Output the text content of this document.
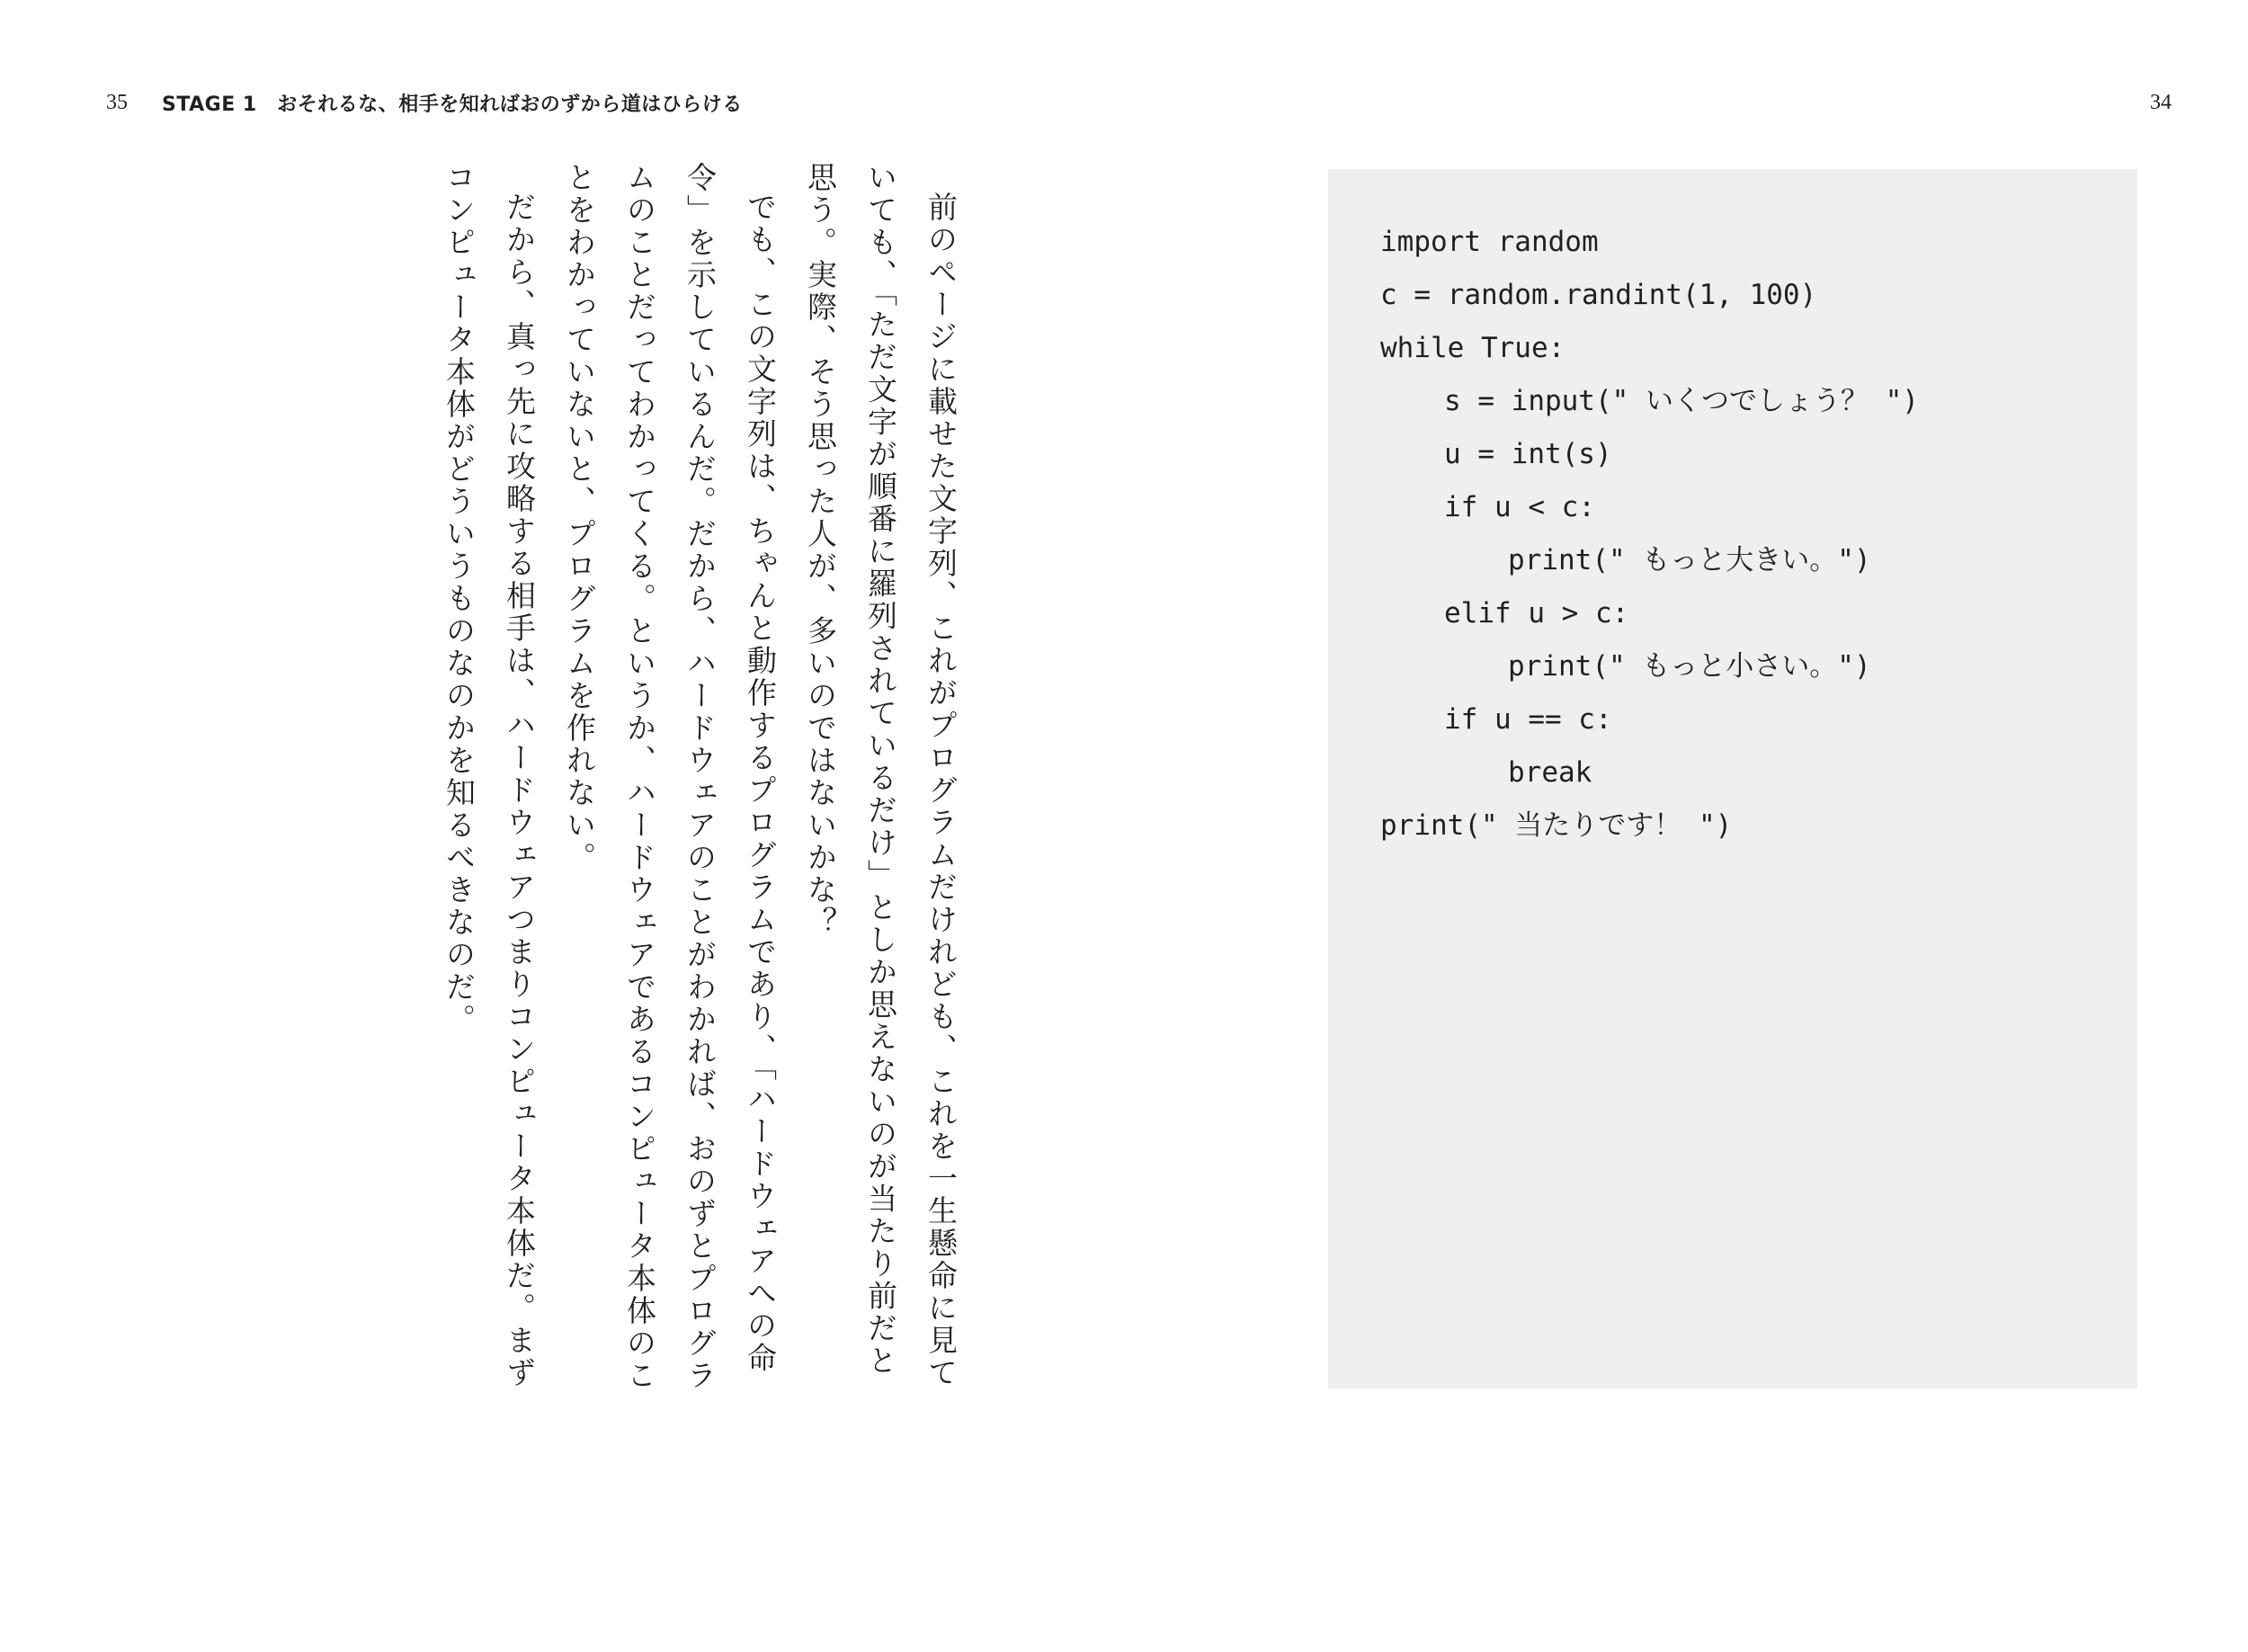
35 STAGE 1　おそれるな、相手を知ればおのずから道はひらける	34

前のページに載せた文字列、これがプログラムだけれども、これを一生懸命に見ていても、「ただ文字が順番に羅列されているだけ」としか思えないのが当たり前だと思う。実際、そう思った人が、多いのではないかな？

でも、この文字列は、ちゃんと動作するプログラムであり、「ハードウェアへの命令」を示しているんだ。だから、ハードウェアのことがわかれば、おのずとプログラムのことだってわかってくる。というか、ハードウェアであるコンピュータ本体のことをわかっていないと、プログラムを作れない。

だから、真っ先に攻略する相手は、ハードウェアつまりコンピュータ本体だ。まずコンピュータ本体がどういうものなのかを知るべきなのだ。	import random
c = random.randint(1, 100)
while True:
s = input(" いくつでしょう？ ")
u = int(s)
if u < c:
print(" もっと大きい。")
elif u > c:
print(" もっと小さい。")
if u == c:
break
print(" 当たりです！ ")
